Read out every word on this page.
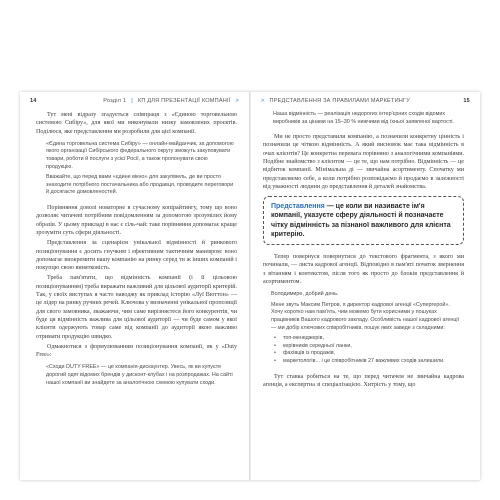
14	Розділ 1 | КП ДЛЯ ПРЕЗЕНТАЦІЇ КОМПАНІЇ >

Тут мені відразу згадується співпраця з «Єдиною торговельною системою Сибіру», для якої ми виконували низку замовлених проєктів. Поділюся, яке представлення ми розробили для цієї компанії.

«Єдина торговельна система Сибіру» — онлайн-майданчик, за допомогою якого організації Сибірського федерального округу зможуть закуповувати товари, роботи й послуги з усієї Росії, а також пропонувати свою продукцію.

Вважайте, що перед вами «єдине вікно» для закупівель, де ви просто знаходите потрібного постачальника або продавця, проводите переговори й досягаєте домовленостей.

Порівняння доволі новаторне в сучасному копірайтингу, тому що воно дозволяє читачеві потрібним повідомленням за допомогою зрозумілих йому образів. У цьому прикладі в нас є сіль-чай: таке порівняння допомагає краще зрозуміти суть сфери діяльності.

Представлення за сценарієм унікальної відмінності й ринкового позиціонування є досить гнучким і ефективним тактичним маневром: воно допомагає виокремити вашу компанію на ринку серед ти ж інших компаній і покупцю свою винятковість.

Треба пам'ятати, що відмінність компанії (і її цільовою позиціонуванням) треба виражати важливий для цільової аудиторії критерій. Так, у своїх виступах я часто наводжу як приклад історію «Луї Вюттон» — це лідер на ринку ручних речей. Ключова у визначенні унікальної пропозиції для свого замовника, зважаючи, чим саме вирізняєтеся його конкурентів, чи буде ця відмінність важлива для цільової аудиторії — чи буде самом у якої клієнти одержують товар саме від компанії до аудиторії якою важливо отримати продукцію швидко.

Одмакнотися з формулюванням позиціонування компанії, як у «Duty Free»:

«Сходи DUTY FREE» — це компанія-дискаунтер. Увесь, як ви купуєте дорогий одяг відомих брендів у дисконт-клубах і на розпродажах. На сайті нашої компанії ви знайдете за аналогічною схемою купувати сходи.

> ПРЕДСТАВЛЕННЯ ЗА ПРАВИЛАМИ МАРКЕТИНГУ	15

Наша відмінність — реалізація недорогих інтер'єрних сходів відомих виробників за цінами на 15–30 % нижчими від їхньої заявленої вартості.

Ми не просто представили компанію, а позначили конкретну цінність і позначили це чіткою відмінність. А який висновок має така відмінність в очах клієнтів? Це конкретна перевага порівняно з аналогічними компаніями. Подібне знайомство з клієнтом — це те, що нам потрібно. Відмінність — це відбиток компанії. Мінімальна ді — звичайна асортименту. Спочатку ми представляємо себе, а коли потрібно розповідаємо й продаємо в залежності від уважності людини до представлення й деталей знайомства.

Представлення — це коли ви називаєте ім'я компанії, указуєте сферу діяльності й позначаєте чітку відмінність за пізнаної важливого для клієнта критерію.

Тепер повернуся повернутися до текстового фрагмента, з якого ми починали, — листа кадрової агенції. Відповідно в пам'яті початок звернення з вітанням і контекстом, після того як просто до блоків представлення й асортиментом.

Володимире, добрий день.

Мене звуть Максим Петров, я директор кадрової агенції «Супергерой». Хочу коротко нам пам'ять, чим можемо бути корисними у пошуках працівників Вашого кадрового закладу. Особливість нашої кадрової агенції — ми добір ключових співробітників, пошук яких заведе з складними:

• топ-менеджерів,
• керівників середньої ланки,
• фахівців із продажів,
• маркетологів... і це співробітників 27 важливих сходів залишили.

Тут ставка робиться на те, що перед читачем не звичайна кадрова агенція, а експертна зі спеціалізацією. Хитрість у тому, що
